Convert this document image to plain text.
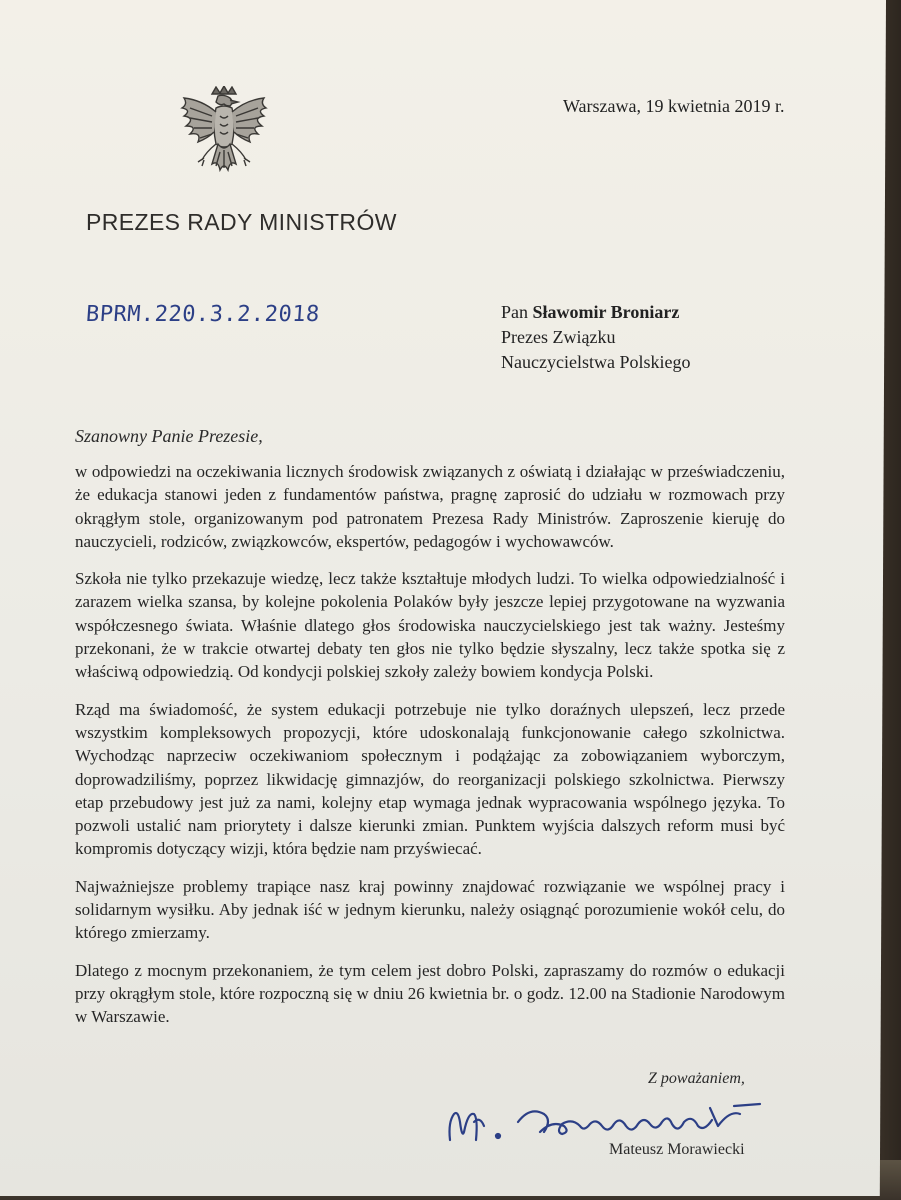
PREZES RADY MINISTRÓW
Warszawa, 19 kwietnia 2019 r.
BPRM.220.3.2.2018	Pan Sławomir Broniarz
Prezes Związku
Nauczycielstwa Polskiego
Szanowny Panie Prezesie,

w odpowiedzi na oczekiwania licznych środowisk związanych z oświatą i działając w przeświadczeniu, że edukacja stanowi jeden z fundamentów państwa, pragnę zaprosić do udziału w rozmowach przy okrągłym stole, organizowanym pod patronatem Prezesa Rady Ministrów. Zaproszenie kieruję do nauczycieli, rodziców, związkowców, ekspertów, pedagogów i wychowawców.

Szkoła nie tylko przekazuje wiedzę, lecz także kształtuje młodych ludzi. To wielka odpowiedzialność i zarazem wielka szansa, by kolejne pokolenia Polaków były jeszcze lepiej przygotowane na wyzwania współczesnego świata. Właśnie dlatego głos środowiska nauczycielskiego jest tak ważny. Jesteśmy przekonani, że w trakcie otwartej debaty ten głos nie tylko będzie słyszalny, lecz także spotka się z właściwą odpowiedzią. Od kondycji polskiej szkoły zależy bowiem kondycja Polski.

Rząd ma świadomość, że system edukacji potrzebuje nie tylko doraźnych ulepszeń, lecz przede wszystkim kompleksowych propozycji, które udoskonalają funkcjonowanie całego szkolnictwa. Wychodząc naprzeciw oczekiwaniom społecznym i podążając za zobowiązaniem wyborczym, doprowadziliśmy, poprzez likwidację gimnazjów, do reorganizacji polskiego szkolnictwa. Pierwszy etap przebudowy jest już za nami, kolejny etap wymaga jednak wypracowania wspólnego języka. To pozwoli ustalić nam priorytety i dalsze kierunki zmian. Punktem wyjścia dalszych reform musi być kompromis dotyczący wizji, która będzie nam przyświecać.

Najważniejsze problemy trapiące nasz kraj powinny znajdować rozwiązanie we wspólnej pracy i solidarnym wysiłku. Aby jednak iść w jednym kierunku, należy osiągnąć porozumienie wokół celu, do którego zmierzamy.

Dlatego z mocnym przekonaniem, że tym celem jest dobro Polski, zapraszamy do rozmów o edukacji przy okrągłym stole, które rozpoczną się w dniu 26 kwietnia br. o godz. 12.00 na Stadionie Narodowym w Warszawie.

Z poważaniem,
Mateusz Morawiecki
